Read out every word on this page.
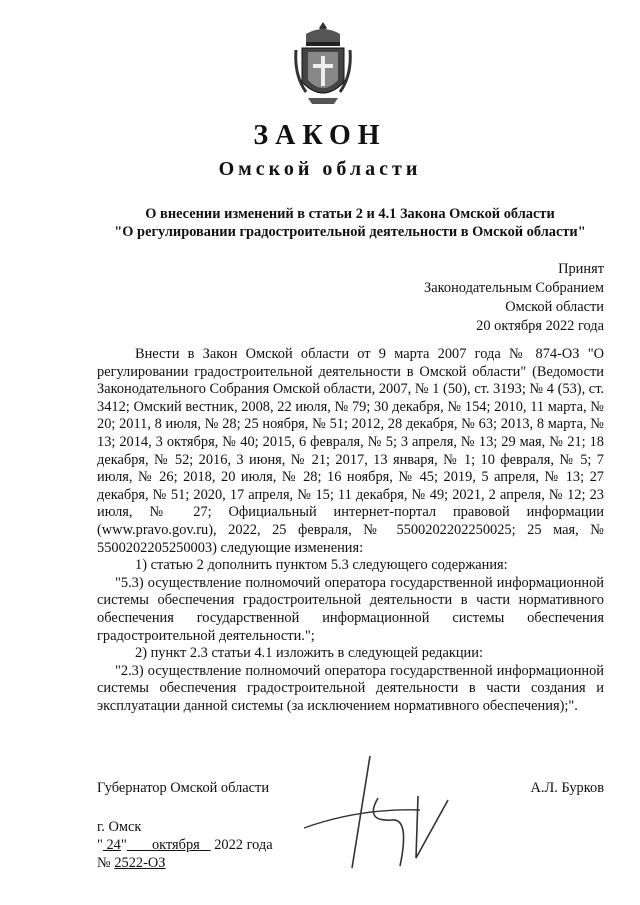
ЗАКОН
Омской области
О внесении изменений в статьи 2 и 4.1 Закона Омской области
"О регулировании градостроительной деятельности в Омской области"
Принят
Законодательным Собранием
Омской области
20 октября 2022 года

Внести в Закон Омской области от 9 марта 2007 года № 874-ОЗ "О регулировании градостроительной деятельности в Омской области" (Ведомости Законодательного Собрания Омской области, 2007, № 1 (50), ст. 3193; № 4 (53), ст. 3412; Омский вестник, 2008, 22 июля, № 79; 30 декабря, № 154; 2010, 11 марта, № 20; 2011, 8 июля, № 28; 25 ноября, № 51; 2012, 28 декабря, № 63; 2013, 8 марта, № 13; 2014, 3 октября, № 40; 2015, 6 февраля, № 5; 3 апреля, № 13; 29 мая, № 21; 18 декабря, № 52; 2016, 3 июня, № 21; 2017, 13 января, № 1; 10 февраля, № 5; 7 июля, № 26; 2018, 20 июля, № 28; 16 ноября, № 45; 2019, 5 апреля, № 13; 27 декабря, № 51; 2020, 17 апреля, № 15; 11 декабря, № 49; 2021, 2 апреля, № 12; 23 июля, № 27; Официальный интернет-портал правовой информации (www.pravo.gov.ru), 2022, 25 февраля, № 5500202202250025; 25 мая, № 5500202205250003) следующие изменения:

1) статью 2 дополнить пунктом 5.3 следующего содержания:

"5.3) осуществление полномочий оператора государственной информационной системы обеспечения градостроительной деятельности в части нормативного обеспечения государственной информационной системы обеспечения градостроительной деятельности.";

2) пункт 2.3 статьи 4.1 изложить в следующей редакции:

"2.3) осуществление полномочий оператора государственной информационной системы обеспечения градостроительной деятельности в части создания и эксплуатации данной системы (за исключением нормативного обеспечения);".

Губернатор Омской области	А.Л. Бурков
г. Омск
" 24" октября 2022 года
№ 2522-ОЗ
